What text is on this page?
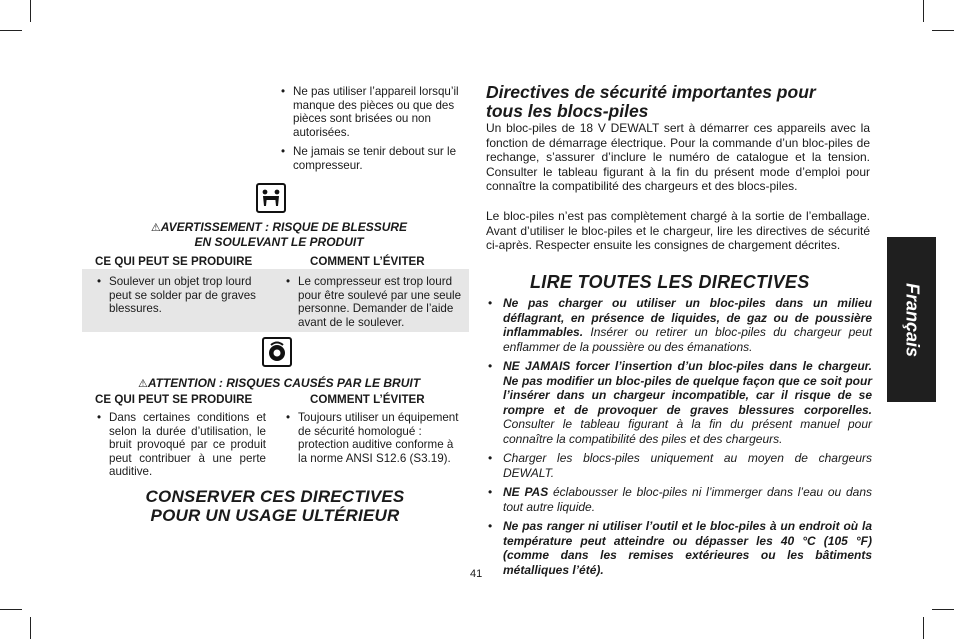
• Ne pas utiliser l’appareil lorsqu’il manque des pièces ou que des pièces sont brisées ou non autorisées.
• Ne jamais se tenir debout sur le compresseur.
⚠AVERTISSEMENT : RISQUE DE BLESSURE
EN SOULEVANT LE PRODUIT
CE QUI PEUT SE PRODUIRE	COMMENT L’ÉVITER
• Soulever un objet trop lourd peut se solder par de graves blessures.
• Le compresseur est trop lourd pour être soulevé par une seule personne. Demander de l’aide avant de le soulever.
⚠ATTENTION : RISQUES CAUSÉS PAR LE BRUIT
CE QUI PEUT SE PRODUIRE	COMMENT L’ÉVITER
• Dans certaines conditions et selon la durée d’utilisation, le bruit provoqué par ce produit peut contribuer à une perte auditive.
• Toujours utiliser un équipement de sécurité homologué : protection auditive conforme à la norme ANSI S12.6 (S3.19).
CONSERVER CES DIRECTIVES
POUR UN USAGE ULTÉRIEUR
Directives de sécurité importantes pour
tous les blocs-piles
Un bloc-piles de 18 V DEWALT sert à démarrer ces appareils avec la fonction de démarrage électrique. Pour la commande d’un bloc-piles de rechange, s’assurer d’inclure le numéro de catalogue et la tension. Consulter le tableau figurant à la fin du présent mode d’emploi pour connaître la compatibilité des chargeurs et des blocs-piles.
Le bloc-piles n’est pas complètement chargé à la sortie de l’emballage. Avant d’utiliser le bloc-piles et le chargeur, lire les directives de sécurité ci-après. Respecter ensuite les consignes de chargement décrites.
LIRE TOUTES LES DIRECTIVES
• Ne pas charger ou utiliser un bloc-piles dans un milieu déflagrant, en présence de liquides, de gaz ou de poussière inflammables. Insérer ou retirer un bloc-piles du chargeur peut enflammer de la poussière ou des émanations.
• NE JAMAIS forcer l’insertion d’un bloc-piles dans le chargeur. Ne pas modifier un bloc-piles de quelque façon que ce soit pour l’insérer dans un chargeur incompatible, car il risque de se rompre et de provoquer de graves blessures corporelles. Consulter le tableau figurant à la fin du présent manuel pour connaître la compatibilité des piles et des chargeurs.
• Charger les blocs-piles uniquement au moyen de chargeurs DEWALT.
• NE PAS éclabousser le bloc-piles ni l’immerger dans l’eau ou dans tout autre liquide.
• Ne pas ranger ni utiliser l’outil et le bloc-piles à un endroit où la température peut atteindre ou dépasser les 40 °C (105 °F) (comme dans les remises extérieures ou les bâtiments métalliques l’été).
Français
41
